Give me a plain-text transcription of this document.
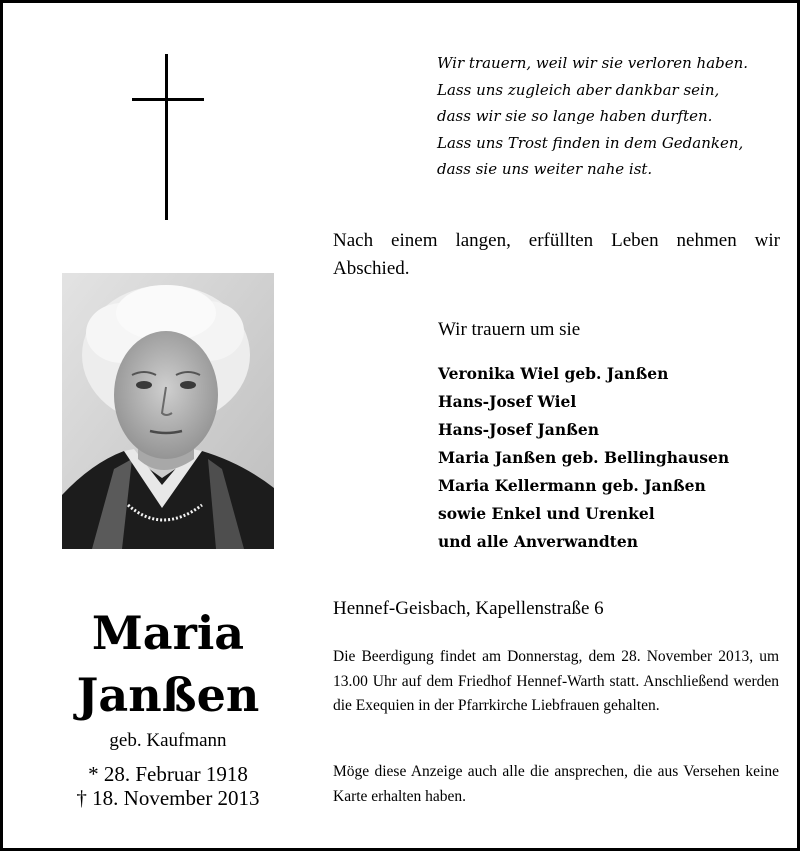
Wir trauern, weil wir sie verloren haben.
Lass uns zugleich aber dankbar sein,
dass wir sie so lange haben durften.
Lass uns Trost finden in dem Gedanken,
dass sie uns weiter nahe ist.
Nach einem langen, erfüllten Leben nehmen wir Abschied.
Wir trauern um sie
Veronika Wiel geb. Janßen
Hans-Josef Wiel
Hans-Josef Janßen
Maria Janßen geb. Bellinghausen
Maria Kellermann geb. Janßen
sowie Enkel und Urenkel
und alle Anverwandten
Maria
Janßen
geb. Kaufmann
* 28. Februar 1918
† 18. November 2013
Hennef-Geisbach, Kapellenstraße 6
Die Beerdigung findet am Donnerstag, dem 28. November 2013, um 13.00 Uhr auf dem Friedhof Hennef-Warth statt. Anschließend werden die Exequien in der Pfarrkirche Liebfrauen gehalten.
Möge diese Anzeige auch alle die ansprechen, die aus Versehen keine Karte erhalten haben.
